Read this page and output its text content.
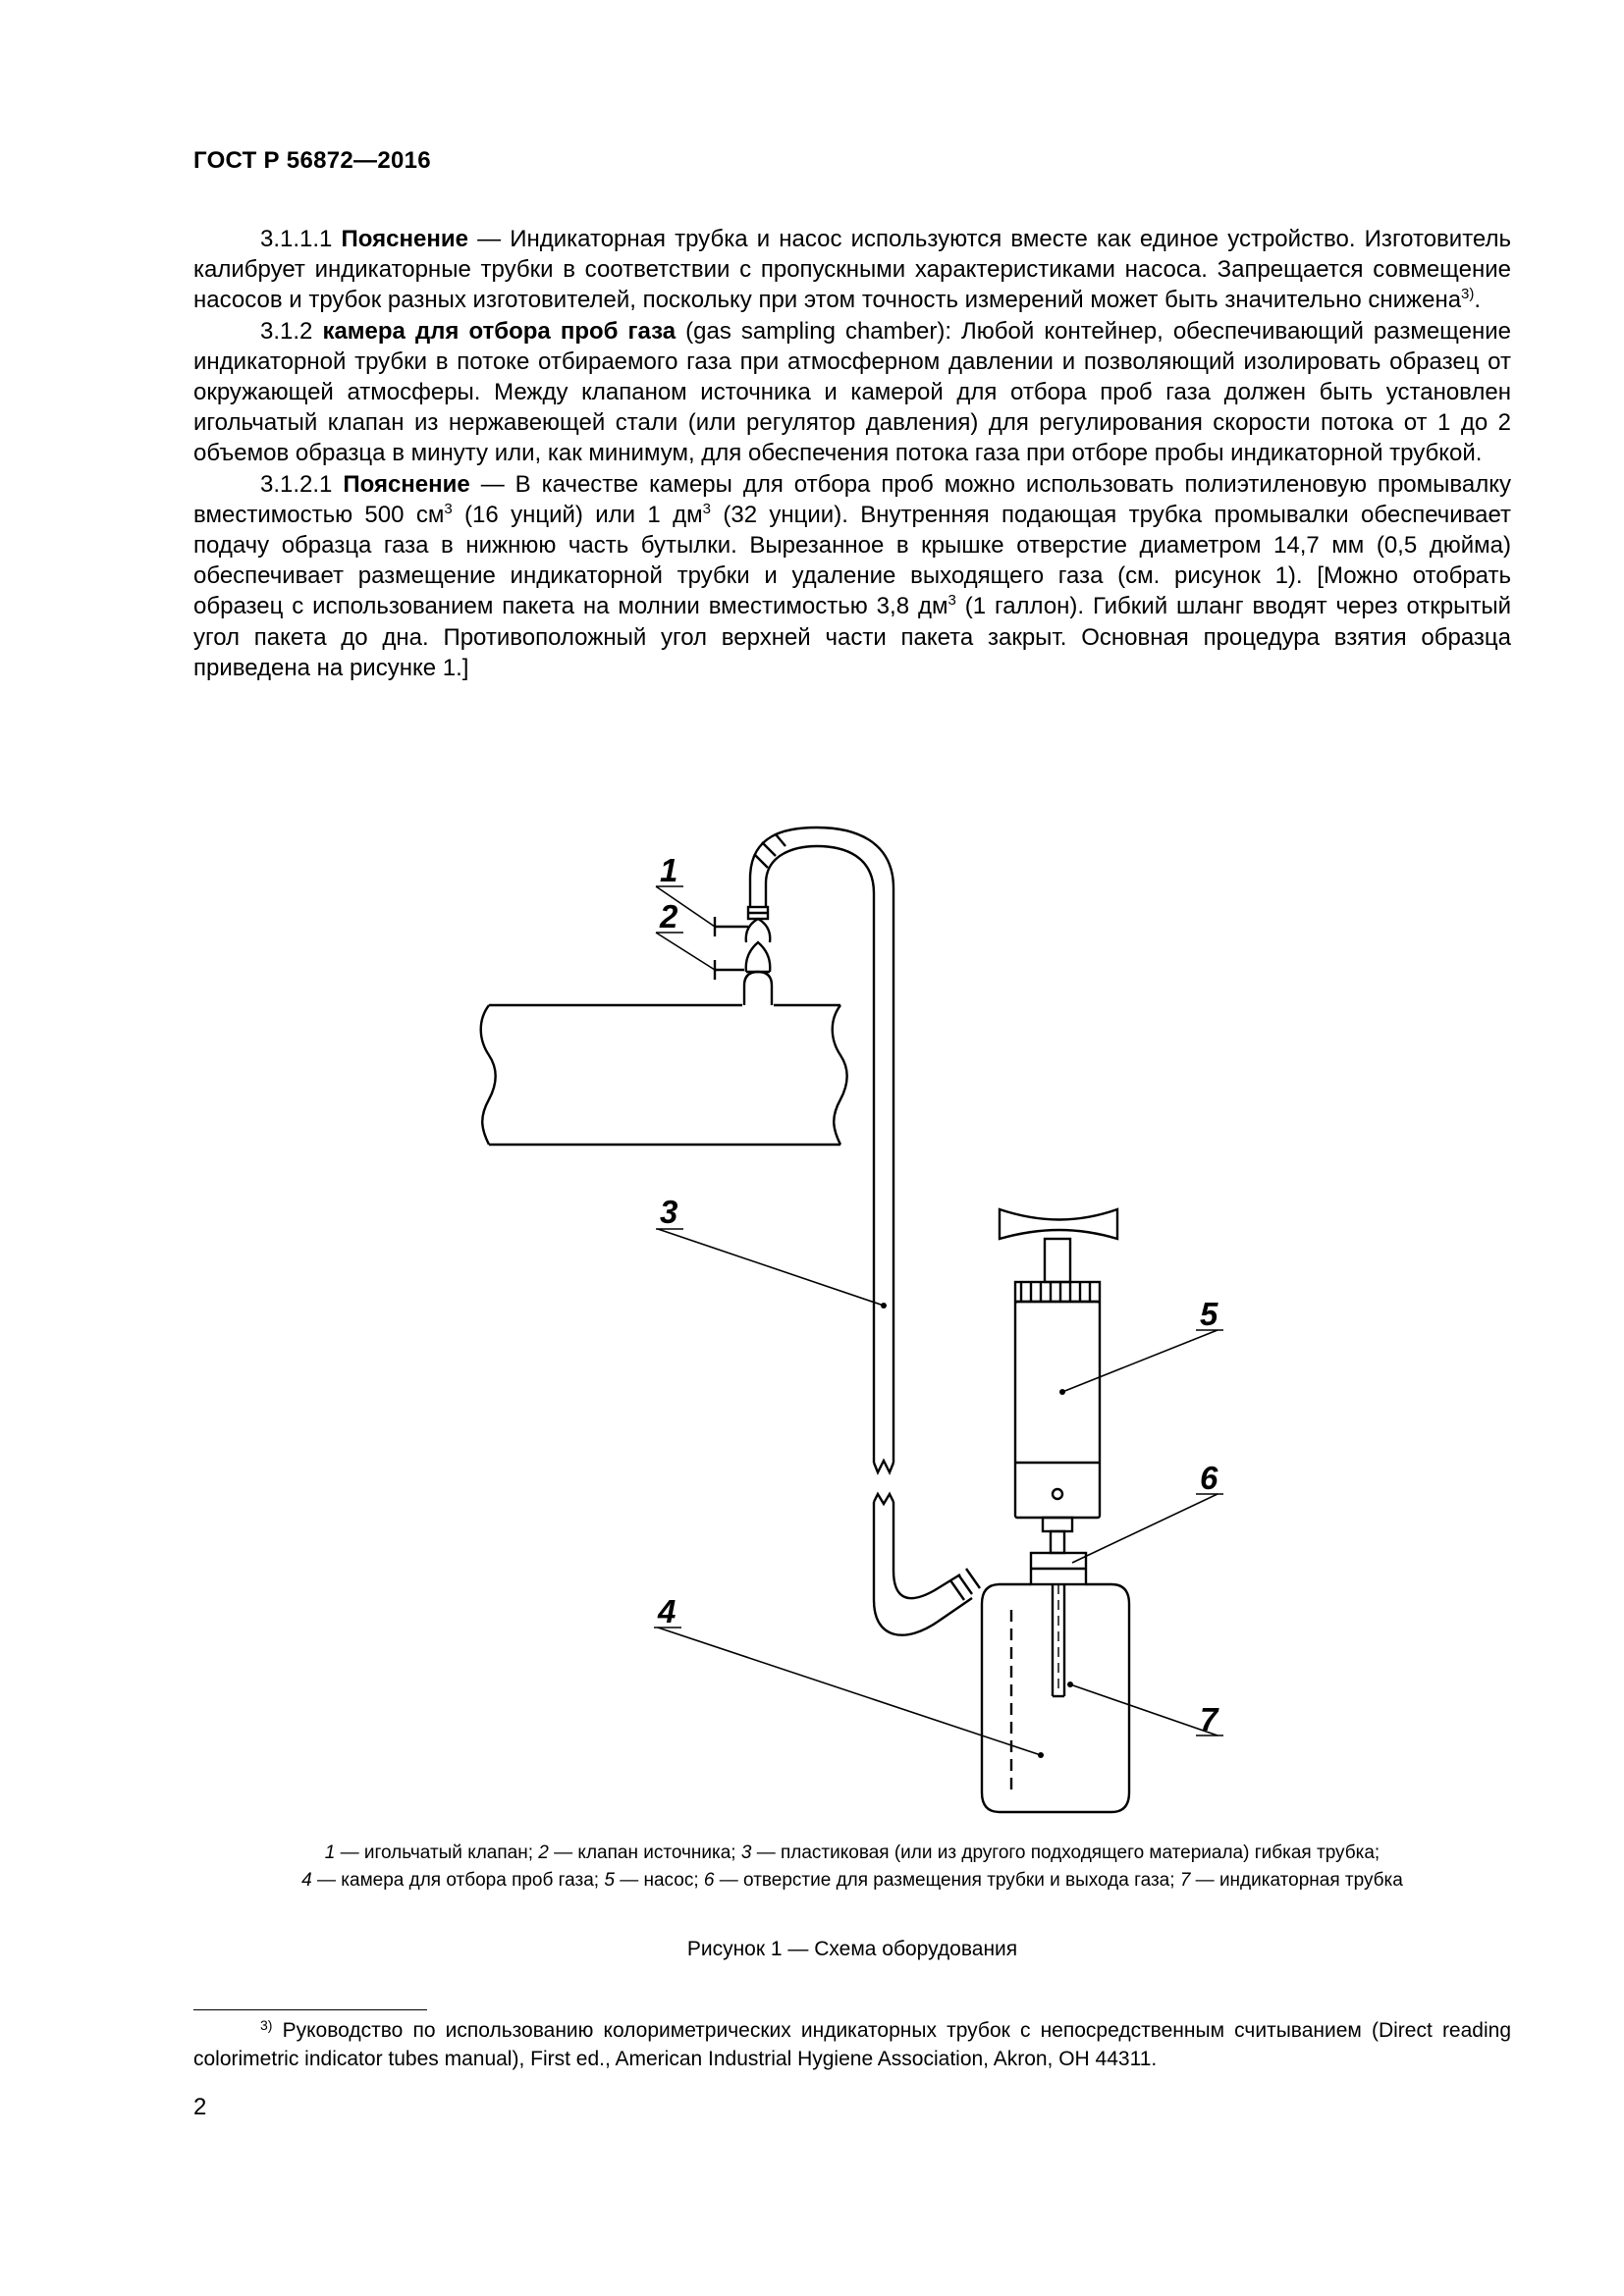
ГОСТ Р 56872—2016

3.1.1.1 Пояснение — Индикаторная трубка и насос используются вместе как единое устройство. Изготовитель калибрует индикаторные трубки в соответствии с пропускными характеристиками насоса. Запрещается совмещение насосов и трубок разных изготовителей, поскольку при этом точность измерений может быть значительно снижена$^{3)}$.

3.1.2 камера для отбора проб газа (gas sampling chamber): Любой контейнер, обеспечивающий размещение индикаторной трубки в потоке отбираемого газа при атмосферном давлении и позволяющий изолировать образец от окружающей атмосферы. Между клапаном источника и камерой для отбора проб газа должен быть установлен игольчатый клапан из нержавеющей стали (или регулятор давления) для регулирования скорости потока от 1 до 2 объемов образца в минуту или, как минимум, для обеспечения потока газа при отборе пробы индикаторной трубкой.

3.1.2.1 Пояснение — В качестве камеры для отбора проб можно использовать полиэтиленовую промывалку вместимостью 500 $см^3$ (16 унций) или 1 $дм^3$ (32 унции). Внутренняя подающая трубка промывалки обеспечивает подачу образца газа в нижнюю часть бутылки. Вырезанное в крышке отверстие диаметром 14,7 мм (0,5 дюйма) обеспечивает размещение индикаторной трубки и удаление выходящего газа (см. рисунок 1). [Можно отобрать образец с использованием пакета на молнии вместимостью 3,8 $дм^3$ (1 галлон). Гибкий шланг вводят через открытый угол пакета до дна. Противоположный угол верхней части пакета закрыт. Основная процедура взятия образца приведена на рисунке 1.]

1
2
3
4
5
6
7
1 — игольчатый клапан; 2 — клапан источника; 3 — пластиковая (или из другого подходящего материала) гибкая трубка;
4 — камера для отбора проб газа; 5 — насос; 6 — отверстие для размещения трубки и выхода газа; 7 — индикаторная трубка
Рисунок 1 — Схема оборудования
$^{3)}$ Руководство по использованию колориметрических индикаторных трубок с непосредственным считыванием (Direct reading colorimetric indicator tubes manual), First ed., American Industrial Hygiene Association, Akron, OH 44311.
2
